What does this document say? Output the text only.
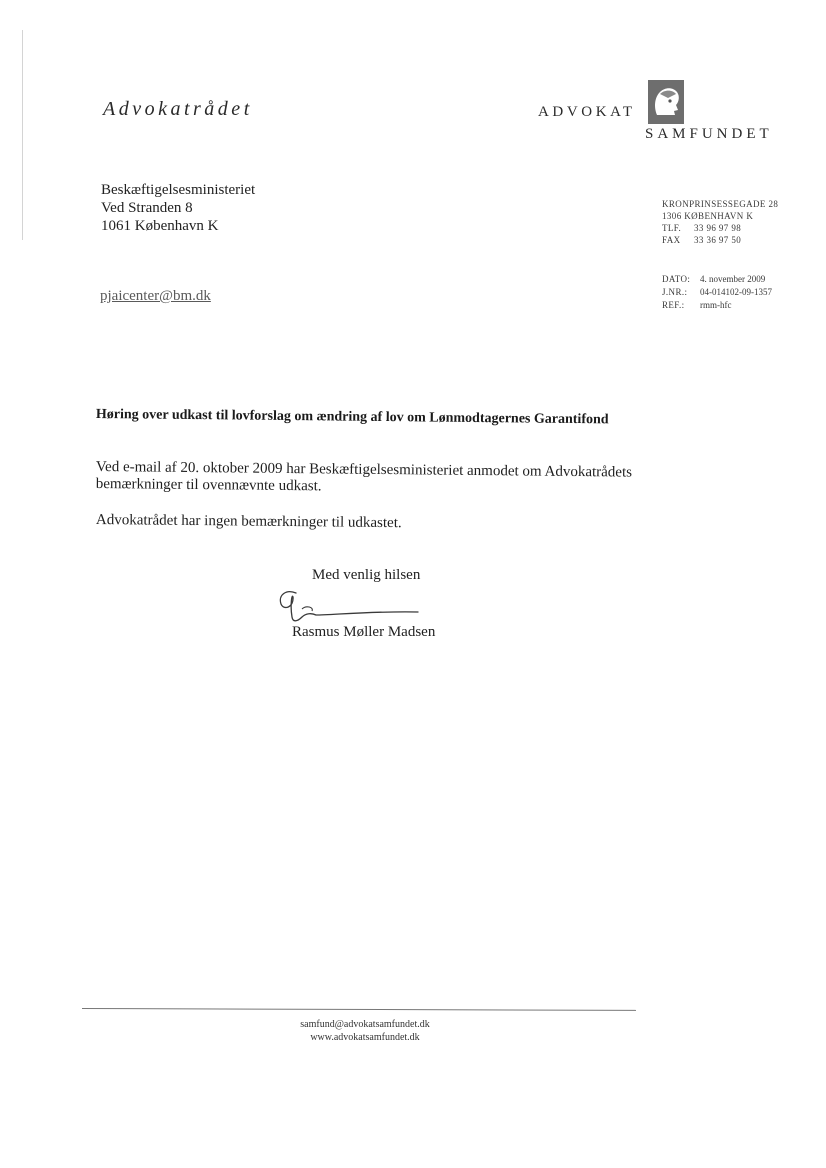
Advokatrådet	ADVOKAT
SAMFUNDET
Beskæftigelsesministeriet
Ved Stranden 8
1061 København K
pjaicenter@bm.dk
KRONPRINSESSEGADE 28
1306 KØBENHAVN K
TLF. 33 96 97 98
FAX 33 36 97 50
DATO: 4. november 2009
J.NR.: 04-014102-09-1357
REF.: rmm-hfc
Høring over udkast til lovforslag om ændring af lov om Lønmodtagernes Garantifond
Ved e-mail af 20. oktober 2009 har Beskæftigelsesministeriet anmodet om Advokatrådets bemærkninger til ovennævnte udkast.
Advokatrådet har ingen bemærkninger til udkastet.
Med venlig hilsen
Rasmus Møller Madsen
samfund@advokatsamfundet.dk
www.advokatsamfundet.dk
